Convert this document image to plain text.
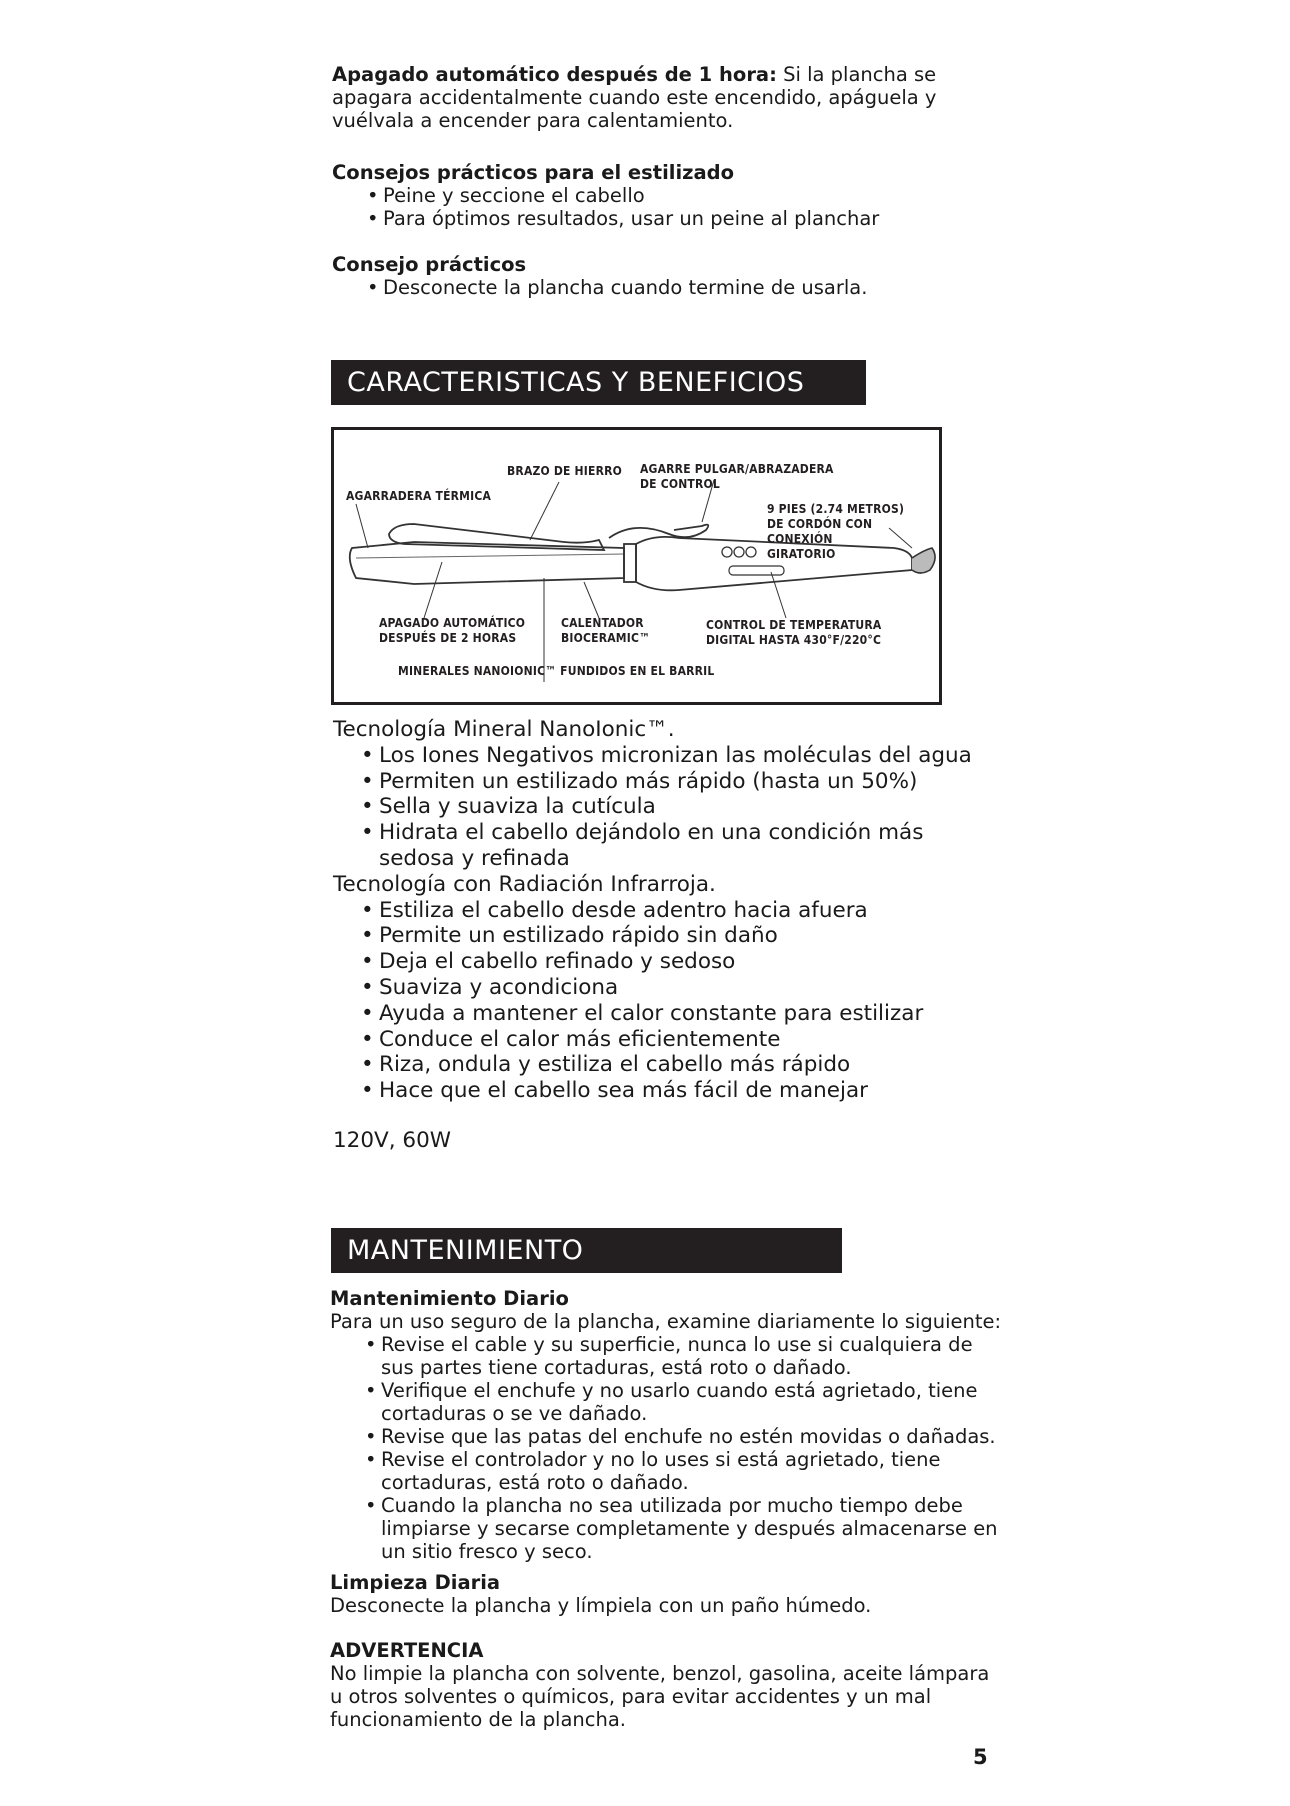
Apagado automático después de 1 hora: Si la plancha se apagara accidentalmente cuando este encendido, apáguela y vuélvala a encender para calentamiento.
Consejos prácticos para el estilizado
• Peine y seccione el cabello
• Para óptimos resultados, usar un peine al planchar
Consejo prácticos
• Desconecte la plancha cuando termine de usarla.
CARACTERISTICAS Y BENEFICIOS
AGARRADERA TÉRMICA
BRAZO DE HIERRO AGARRE PULGAR/ABRAZADERA
DE CONTROL
9 PIES (2.74 METROS)
DE CORDÓN CON CONEXIÓN
GIRATORIO
APAGADO AUTOMÁTICO
DESPUÉS DE 2 HORAS
CALENTADOR
BIOCERAMIC™
CONTROL DE TEMPERATURA
DIGITAL HASTA 430°F/220°C
MINERALES NANOIONIC™ FUNDIDOS EN EL BARRIL
Tecnología Mineral NanoIonic™.
• Los Iones Negativos micronizan las moléculas del agua
• Permiten un estilizado más rápido (hasta un 50%)
• Sella y suaviza la cutícula
• Hidrata el cabello dejándolo en una condición más sedosa y refinada
Tecnología con Radiación Infrarroja.
• Estiliza el cabello desde adentro hacia afuera
• Permite un estilizado rápido sin daño
• Deja el cabello refinado y sedoso
• Suaviza y acondiciona
• Ayuda a mantener el calor constante para estilizar
• Conduce el calor más eficientemente
• Riza, ondula y estiliza el cabello más rápido
• Hace que el cabello sea más fácil de manejar
120V, 60W
MANTENIMIENTO
Mantenimiento Diario
Para un uso seguro de la plancha, examine diariamente lo siguiente:
• Revise el cable y su superficie, nunca lo use si cualquiera de sus partes tiene cortaduras, está roto o dañado.
• Verifique el enchufe y no usarlo cuando está agrietado, tiene cortaduras o se ve dañado.
• Revise que las patas del enchufe no estén movidas o dañadas.
• Revise el controlador y no lo uses si está agrietado, tiene cortaduras, está roto o dañado.
• Cuando la plancha no sea utilizada por mucho tiempo debe limpiarse y secarse completamente y después almacenarse en un sitio fresco y seco.
Limpieza Diaria
Desconecte la plancha y límpiela con un paño húmedo.
ADVERTENCIA
No limpie la plancha con solvente, benzol, gasolina, aceite lámpara u otros solventes o químicos, para evitar accidentes y un mal funcionamiento de la plancha.
5
